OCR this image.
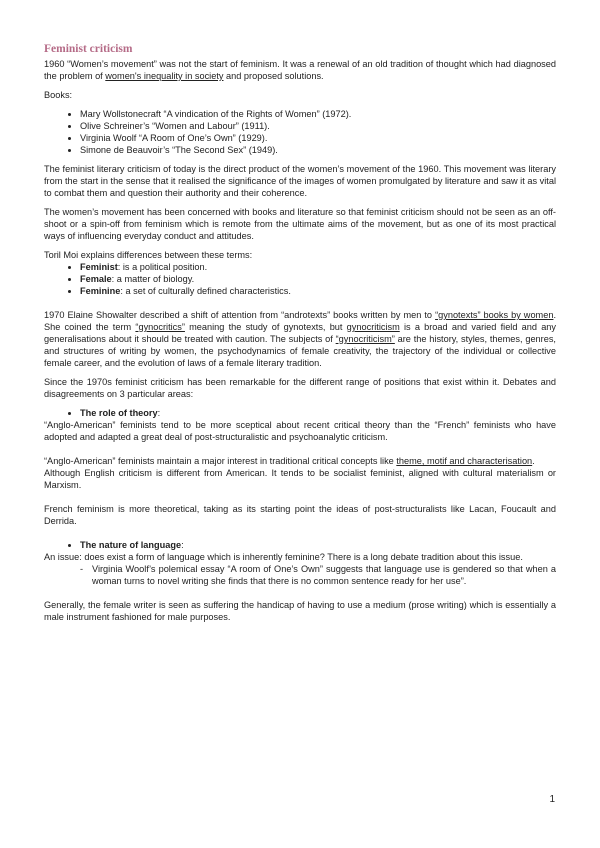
Feminist criticism

1960 “Women’s movement” was not the start of feminism. It was a renewal of an old tradition of thought which had diagnosed the problem of women's inequality in society and proposed solutions.

Books:

• Mary Wollstonecraft “A vindication of the Rights of Women” (1972).
• Olive Schreiner’s “Women and Labour” (1911).
• Virginia Woolf “A Room of One’s Own” (1929).
• Simone de Beauvoir’s “The Second Sex” (1949).

The feminist literary criticism of today is the direct product of the women’s movement of the 1960. This movement was literary from the start in the sense that it realised the significance of the images of women promulgated by literature and saw it as vital to combat them and question their authority and their coherence.

The women’s movement has been concerned with books and literature so that feminist criticism should not be seen as an off-shoot or a spin-off from feminism which is remote from the ultimate aims of the movement, but as one of its most practical ways of influencing everyday conduct and attitudes.

Toril Moi explains differences between these terms:

• Feminist: is a political position.
• Female: a matter of biology.
• Feminine: a set of culturally defined characteristics.

1970 Elaine Showalter described a shift of attention from “androtexts” books written by men to “gynotexts” books by women. She coined the term “gynocritics” meaning the study of gynotexts, but gynocriticism is a broad and varied field and any generalisations about it should be treated with caution. The subjects of “gynocriticism” are the history, styles, themes, genres, and structures of writing by women, the psychodynamics of female creativity, the trajectory of the individual or collective female career, and the evolution of laws of a female literary tradition.

Since the 1970s feminist criticism has been remarkable for the different range of positions that exist within it. Debates and disagreements on 3 particular areas:

• The role of theory:

“Anglo-American” feminists tend to be more sceptical about recent critical theory than the “French” feminists who have adopted and adapted a great deal of post-structuralistic and psychoanalytic criticism.

“Anglo-American” feminists maintain a major interest in traditional critical concepts like theme, motif and characterisation.

Although English criticism is different from American. It tends to be socialist feminist, aligned with cultural materialism or Marxism.

French feminism is more theoretical, taking as its starting point the ideas of post-structuralists like Lacan, Foucault and Derrida.

• The nature of language:

An issue: does exist a form of language which is inherently feminine? There is a long debate tradition about this issue.

- Virginia Woolf’s polemical essay “A room of One’s Own” suggests that language use is gendered so that when a woman turns to novel writing she finds that there is no common sentence ready for her use”.

Generally, the female writer is seen as suffering the handicap of having to use a medium (prose writing) which is essentially a male instrument fashioned for male purposes.

1
